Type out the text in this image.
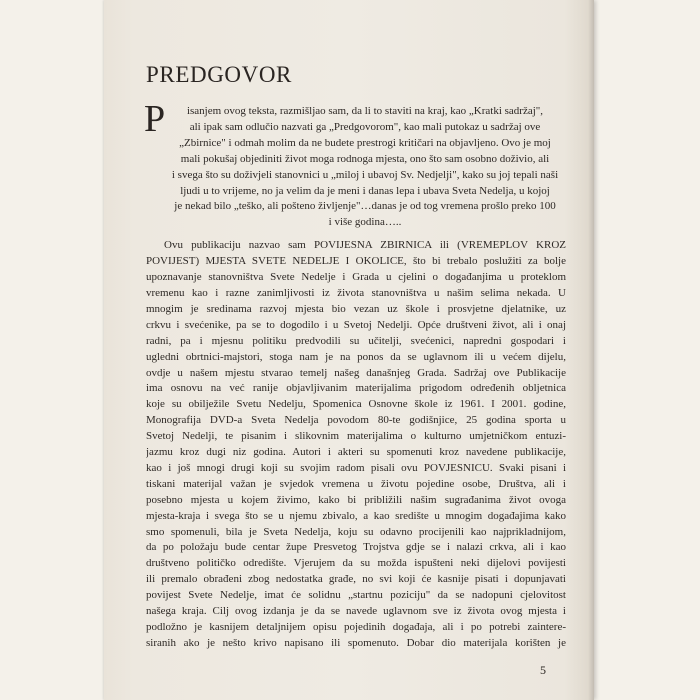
PREDGOVOR
P	isanjem ovog teksta, razmišljao sam, da li to staviti na kraj, kao „Kratki sadržaj",
ali ipak sam odlučio nazvati ga „Predgovorom", kao mali putokaz u sadržaj ove
„Zbirnice" i odmah molim da ne budete prestrogi kritičari na objavljeno. Ovo je moj
mali pokušaj objediniti život moga rodnoga mjesta, ono što sam osobno doživio, ali
i svega što su doživjeli stanovnici u „miloj i ubavoj Sv. Nedjelji", kako su joj tepali naši
ljudi u to vrijeme, no ja velim da je meni i danas lepa i ubava Sveta Nedelja, u kojoj
je nekad bilo „teško, ali pošteno življenje"…danas je od tog vremena prošlo preko 100
i više godina…..
Ovu publikaciju nazvao sam POVIJESNA ZBIRNICA ili (VREMEPLOV KROZ
POVIJEST) MJESTA SVETE NEDELJE I OKOLICE, što bi trebalo poslužiti za bolje
upoznavanje stanovništva Svete Nedelje i Grada u cjelini o događanjima u proteklom
vremenu kao i razne zanimljivosti iz života stanovništva u našim selima nekada. U
mnogim je sredinama razvoj mjesta bio vezan uz škole i prosvjetne djelatnike, uz
crkvu i svećenike, pa se to dogodilo i u Svetoj Nedelji. Opće društveni život, ali i onaj
radni, pa i mjesnu politiku predvodili su učitelji, svećenici, napredni gospodari i
ugledni obrtnici-majstori, stoga nam je na ponos da se uglavnom ili u većem dijelu,
ovdje u našem mjestu stvarao temelj našeg današnjeg Grada. Sadržaj ove Publikacije
ima osnovu na već ranije objavljivanim materijalima prigodom određenih obljetnica
koje su obilježile Svetu Nedelju, Spomenica Osnovne škole iz 1961. I 2001. godine,
Monografija DVD-a Sveta Nedelja povodom 80-te godišnjice, 25 godina sporta u
Svetoj Nedelji, te pisanim i slikovnim materijalima o kulturno umjetničkom entuzi-
jazmu kroz dugi niz godina. Autori i akteri su spomenuti kroz navedene publikacije,
kao i još mnogi drugi koji su svojim radom pisali ovu POVJESNICU. Svaki pisani i
tiskani materijal važan je svjedok vremena u životu pojedine osobe, Društva, ali i
posebno mjesta u kojem živimo, kako bi približili našim sugrađanima život ovoga
mjesta-kraja i svega što se u njemu zbivalo, a kao središte u mnogim događajima kako
smo spomenuli, bila je Sveta Nedelja, koju su odavno procijenili kao najprikladnijom,
da po položaju bude centar župe Presvetog Trojstva gdje se i nalazi crkva, ali i kao
društveno političko odredište. Vjerujem da su možda ispušteni neki dijelovi povijesti
ili premalo obrađeni zbog nedostatka građe, no svi koji će kasnije pisati i dopunjavati
povijest Svete Nedelje, imat će solidnu „startnu poziciju" da se nadopuni cjelovitost
našega kraja. Cilj ovog izdanja je da se navede uglavnom sve iz života ovog mjesta i
podložno je kasnijem detaljnijem opisu pojedinih događaja, ali i po potrebi zaintere-
siranih ako je nešto krivo napisano ili spomenuto. Dobar dio materijala korišten je
5
